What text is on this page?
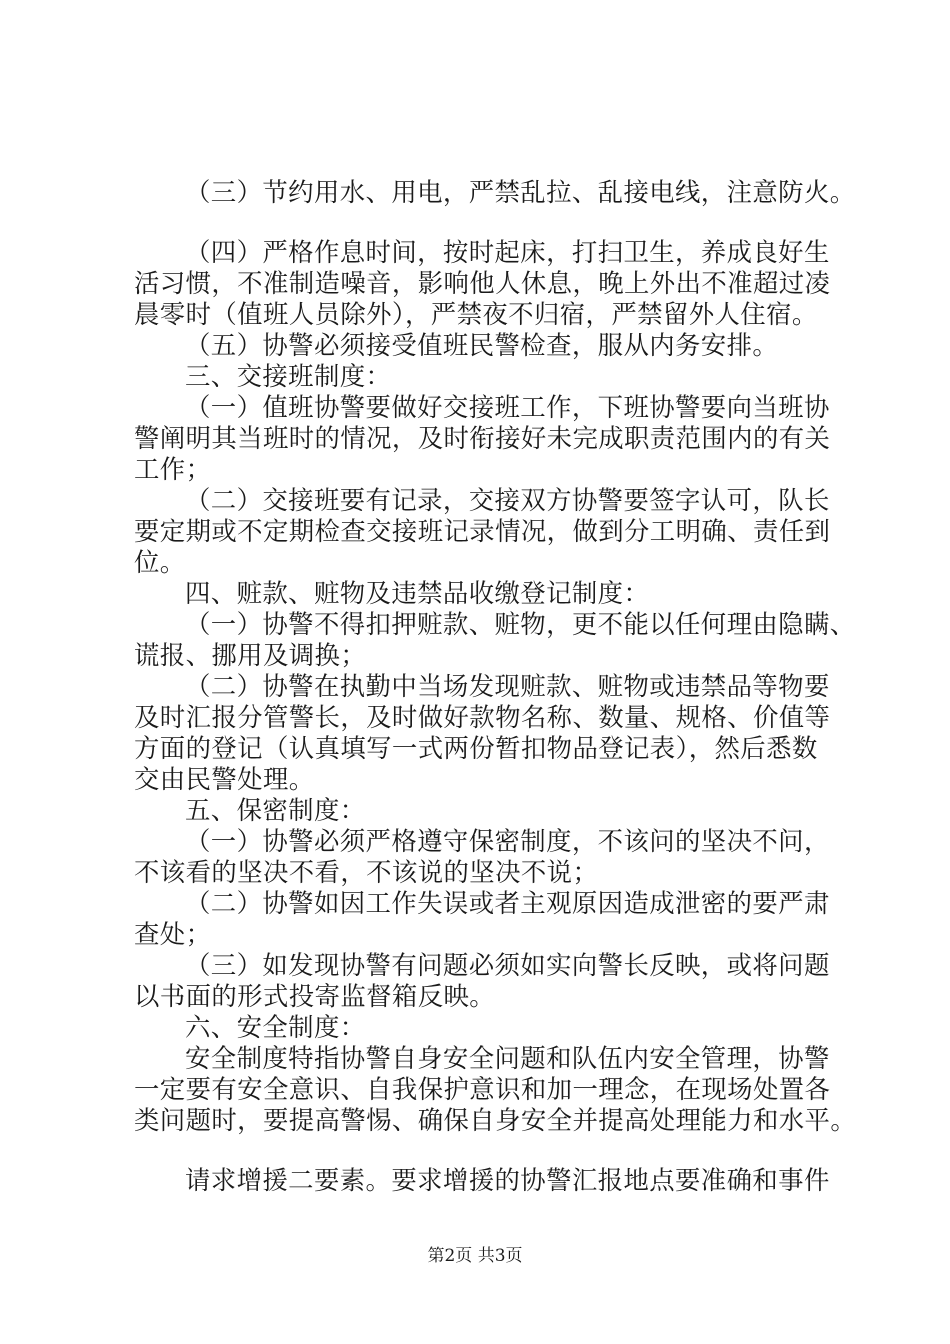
（三）节约用水、用电，严禁乱拉、乱接电线，注意防火。
（四）严格作息时间，按时起床，打扫卫生，养成良好生
活习惯，不准制造噪音，影响他人休息，晚上外出不准超过凌
晨零时（值班人员除外），严禁夜不归宿，严禁留外人住宿。
（五）协警必须接受值班民警检查，服从内务安排。
三、交接班制度：
（一）值班协警要做好交接班工作，下班协警要向当班协
警阐明其当班时的情况，及时衔接好未完成职责范围内的有关
工作；
（二）交接班要有记录，交接双方协警要签字认可，队长
要定期或不定期检查交接班记录情况，做到分工明确、责任到
位。
四、赃款、赃物及违禁品收缴登记制度：
（一）协警不得扣押赃款、赃物，更不能以任何理由隐瞒、
谎报、挪用及调换；
（二）协警在执勤中当场发现赃款、赃物或违禁品等物要
及时汇报分管警长，及时做好款物名称、数量、规格、价值等
方面的登记（认真填写一式两份暂扣物品登记表），然后悉数
交由民警处理。
五、保密制度：
（一）协警必须严格遵守保密制度，不该问的坚决不问，
不该看的坚决不看，不该说的坚决不说；
（二）协警如因工作失误或者主观原因造成泄密的要严肃
查处；
（三）如发现协警有问题必须如实向警长反映，或将问题
以书面的形式投寄监督箱反映。
六、安全制度：
安全制度特指协警自身安全问题和队伍内安全管理，协警
一定要有安全意识、自我保护意识和加一理念，在现场处置各
类问题时，要提高警惕、确保自身安全并提高处理能力和水平。
请求增援二要素。要求增援的协警汇报地点要准确和事件
第2页 共3页
